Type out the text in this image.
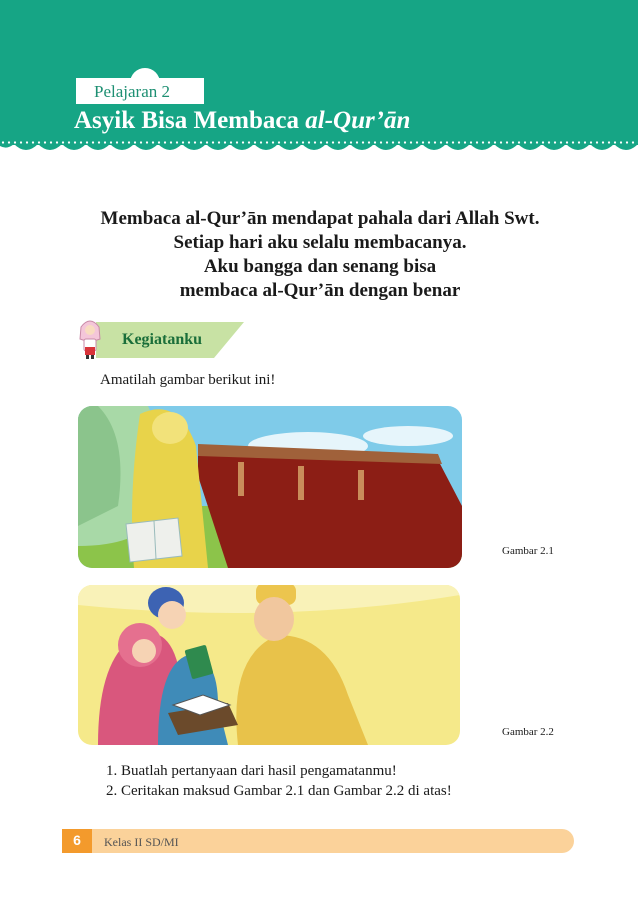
Pelajaran 2
Asyik Bisa Membaca al-Qur’ān
Membaca al-Qur’ān mendapat pahala dari Allah Swt.
Setiap hari aku selalu membacanya.
Aku bangga dan senang bisa
membaca al-Qur’ān dengan benar
Kegiatanku
Amatilah gambar berikut ini!
Gambar 2.1
Gambar 2.2
1. Buatlah pertanyaan dari hasil pengamatanmu!
2. Ceritakan maksud Gambar 2.1 dan Gambar 2.2 di atas!
6	Kelas II SD/MI
